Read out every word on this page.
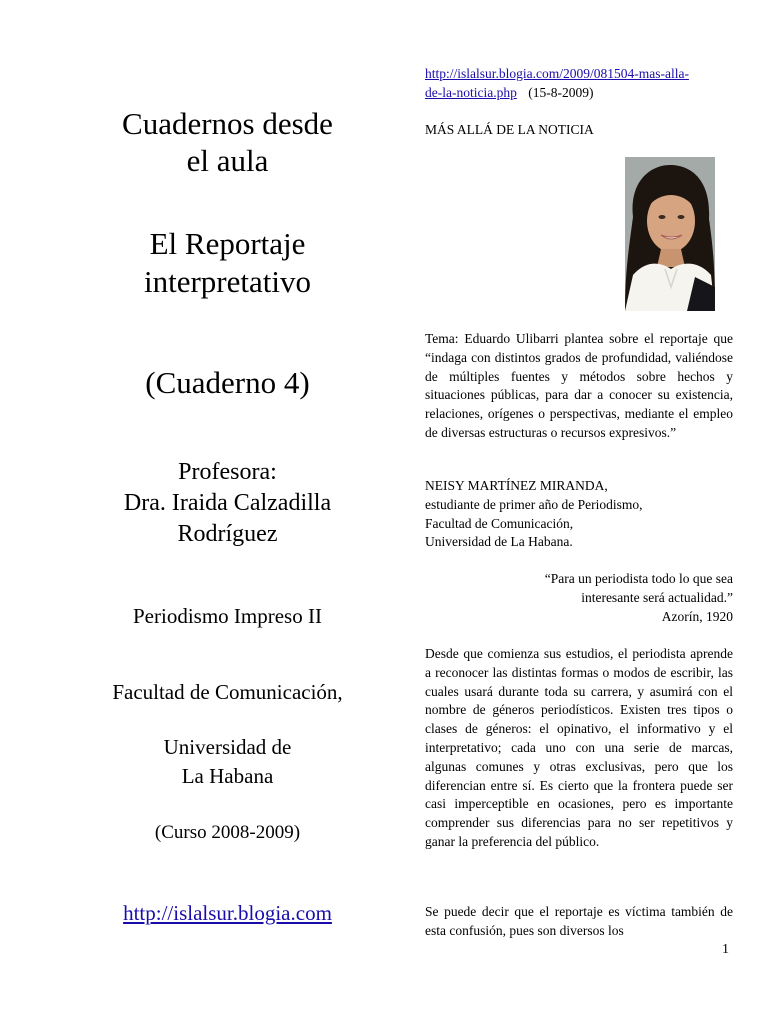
Cuadernos desde
el aula
El Reportaje
interpretativo
(Cuaderno 4)
Profesora:
Dra. Iraida Calzadilla
Rodríguez
Periodismo Impreso II
Facultad de Comunicación,
Universidad de
La Habana
(Curso 2008-2009)
http://islalsur.blogia.com
http://islalsur.blogia.com/2009/081504-mas-alla-
de-la-noticia.php (15-8-2009)
MÁS ALLÁ DE LA NOTICIA
Tema: Eduardo Ulibarri plantea sobre el reportaje que “indaga con distintos grados de profundidad, valiéndose de múltiples fuentes y métodos sobre hechos y situaciones públicas, para dar a conocer su existencia, relaciones, orígenes o perspectivas, mediante el empleo de diversas estructuras o recursos expresivos.”
NEISY MARTÍNEZ MIRANDA,
estudiante de primer año de Periodismo,
Facultad de Comunicación,
Universidad de La Habana.
“Para un periodista todo lo que sea
interesante será actualidad.”
Azorín, 1920
Desde que comienza sus estudios, el periodista aprende a reconocer las distintas formas o modos de escribir, las cuales usará durante toda su carrera, y asumirá con el nombre de géneros periodísticos. Existen tres tipos o clases de géneros: el opinativo, el informativo y el interpretativo; cada uno con una serie de marcas, algunas comunes y otras exclusivas, pero que los diferencian entre sí. Es cierto que la frontera puede ser casi imperceptible en ocasiones, pero es importante comprender sus diferencias para no ser repetitivos y ganar la preferencia del público.
Se puede decir que el reportaje es víctima también de esta confusión, pues son diversos los
1
